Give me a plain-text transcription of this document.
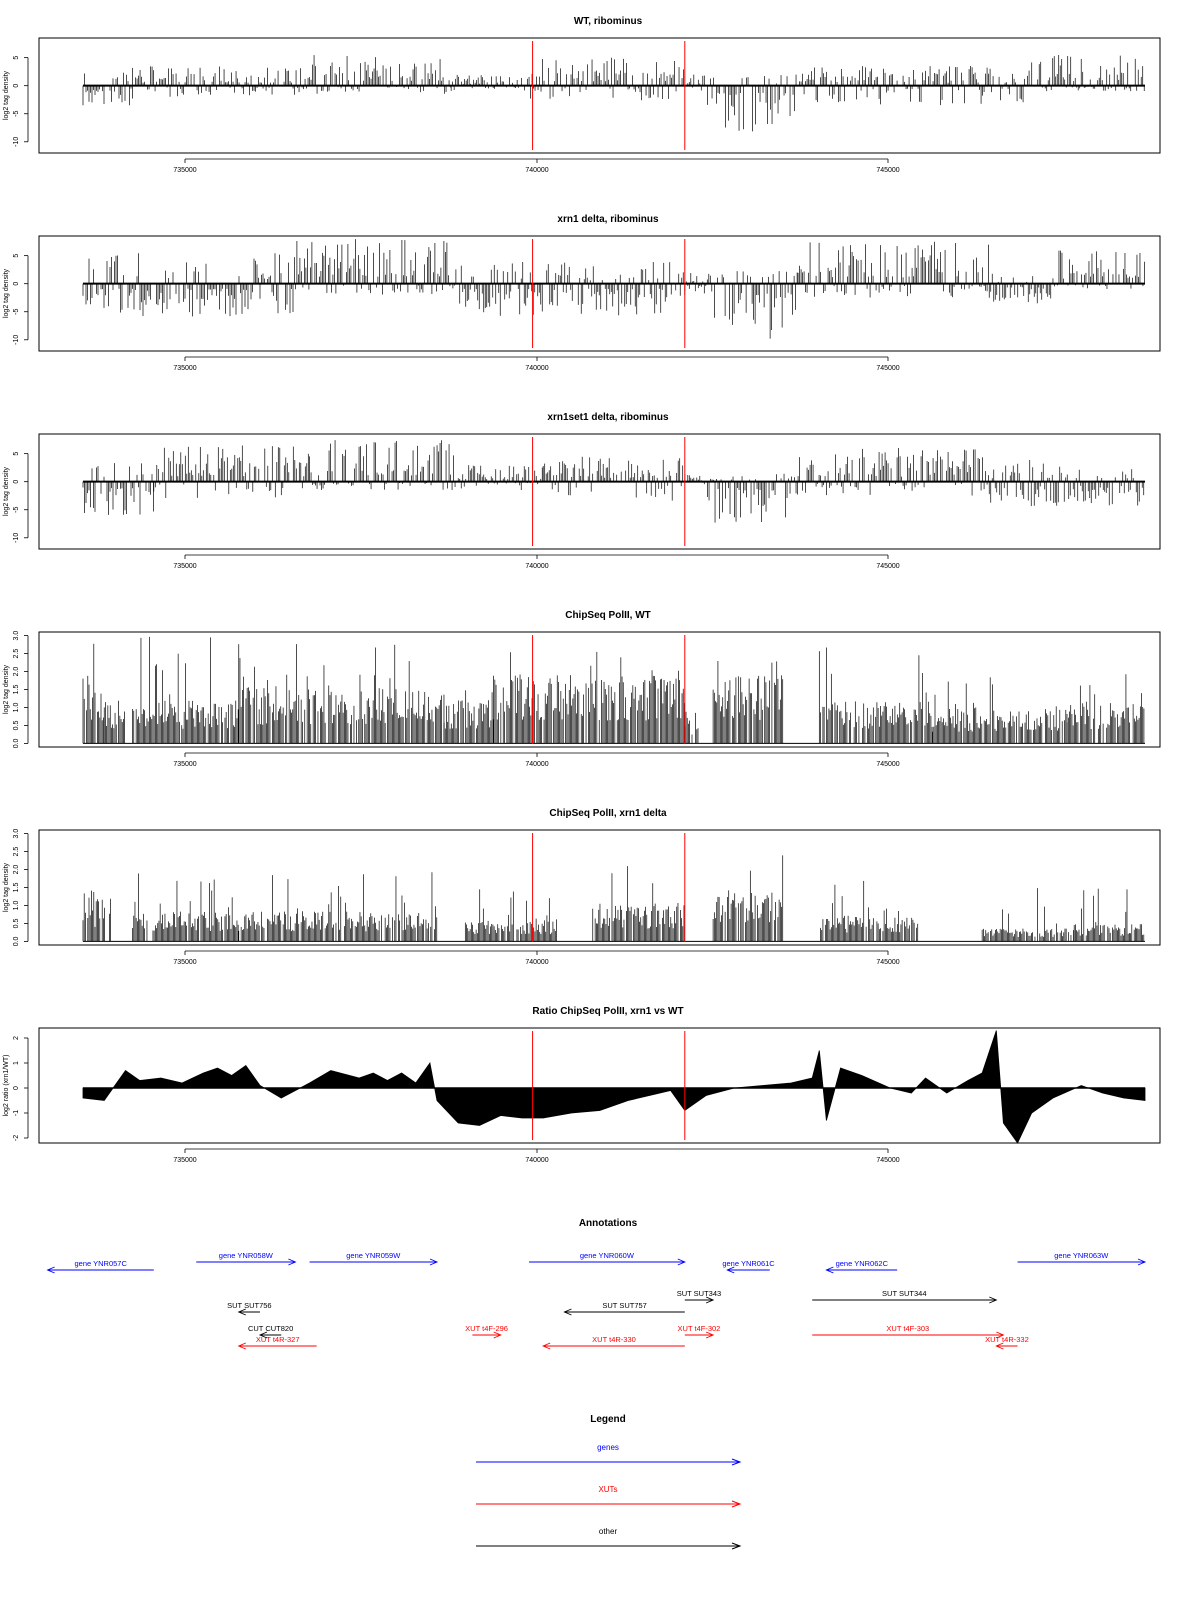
WT, ribominus
5
0
-5
-10
log2 tag density
735000	740000	745000
xrn1 delta, ribominus
5
0
-5
-10
log2 tag density
735000	740000	745000
xrn1set1 delta, ribominus
5
0
-5
-10
log2 tag density
735000	740000	745000
ChipSeq PolII, WT
0.0
0.5
1.0
1.5
2.0
2.5
3.0
log2 tag density
735000	740000	745000
ChipSeq PolII, xrn1 delta
0.0
0.5
1.0
1.5
2.0
2.5
3.0
log2 tag density
735000	740000	745000
Ratio ChipSeq PolII, xrn1 vs WT
2
1
0
-1
-2
log2 ratio (xrn1/WT)
735000	740000	745000
Annotations
gene YNR057C
gene YNR058W	gene YNR059W	gene YNR060W
gene YNR061C	gene YNR062C
gene YNR063W
SUT SUT756	SUT SUT757
SUT SUT343	SUT SUT344
CUT CUT820
XUT t4R-327
XUT t4F-296
XUT t4R-330
XUT t4F-302	XUT t4F-303
XUT t4R-332
Legend
genes
XUTs
other
